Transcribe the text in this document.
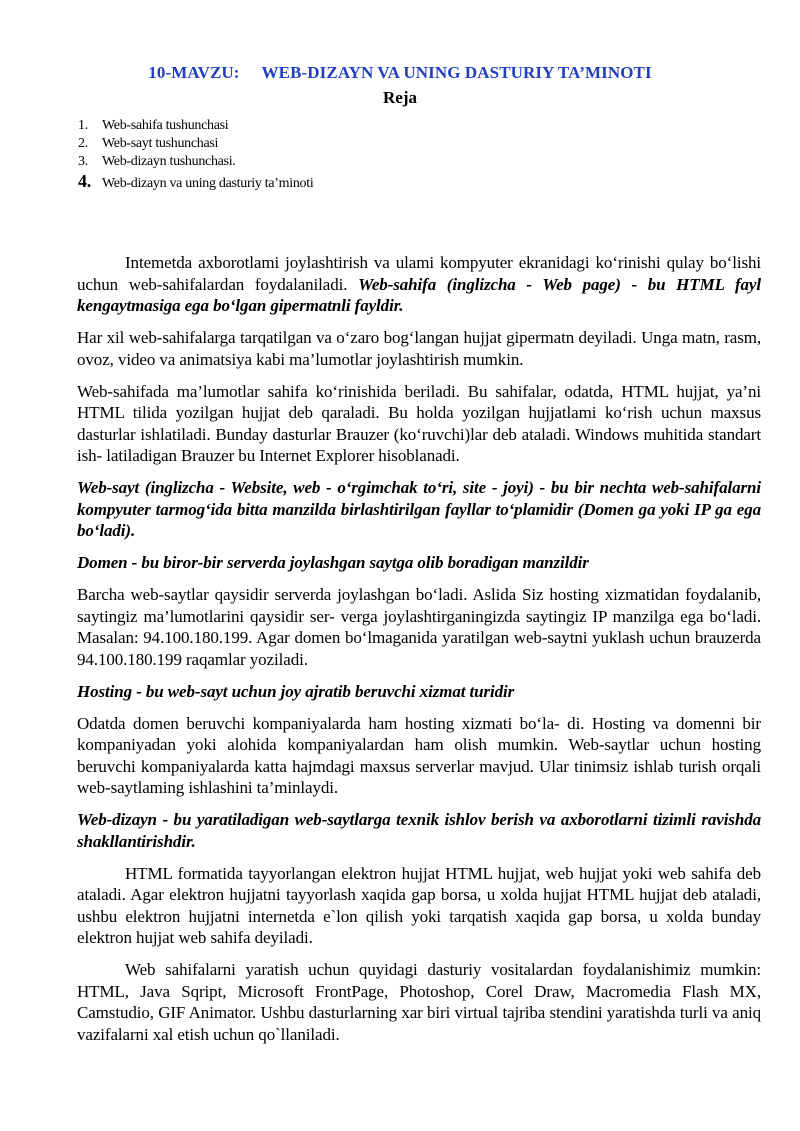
10-MAVZU: WEB-DIZAYN VA UNING DASTURIY TA’MINOTI
Reja
1. Web-sahifa tushunchasi
2. Web-sayt tushunchasi
3. Web-dizayn tushunchasi.
4. Web-dizayn va uning dasturiy ta’minoti

Intemetda axborotlami joylashtirish va ulami kompyuter ekranidagi ko‘rinishi qulay bo‘lishi uchun web-sahifalardan foydalaniladi. Web-sahifa (inglizcha - Web page) - bu HTML fayl kengaytmasiga ega bo‘lgan gipermatnli fayldir.

Har xil web-sahifalarga tarqatilgan va o‘zaro bog‘langan hujjat gipermatn deyiladi. Unga matn, rasm, ovoz, video va animatsiya kabi ma’lumotlar joylashtirish mumkin.

Web-sahifada ma’lumotlar sahifa ko‘rinishida beriladi. Bu sahifalar, odatda, HTML hujjat, ya’ni HTML tilida yozilgan hujjat deb qaraladi. Bu holda yozilgan hujjatlami ko‘rish uchun maxsus dasturlar ishlatiladi. Bunday dasturlar Brauzer (ko‘ruvchi)lar deb ataladi. Windows muhitida standart ish- latiladigan Brauzer bu Internet Explorer hisoblanadi.

Web-sayt (inglizcha - Website, web - o‘rgimchak to‘ri, site - joyi) - bu bir nechta web-sahifalarni kompyuter tarmog‘ida bitta manzilda birlashtirilgan fayllar to‘plamidir (Domen ga yoki IP ga ega bo‘ladi).

Domen - bu biror-bir serverda joylashgan saytga olib boradigan manzildir

Barcha web-saytlar qaysidir serverda joylashgan bo‘ladi. Aslida Siz hosting xizmatidan foydalanib, saytingiz ma’lumotlarini qaysidir ser- verga joylashtirganingizda saytingiz IP manzilga ega bo‘ladi. Masalan: 94.100.180.199. Agar domen bo‘lmaganida yaratilgan web-saytni yuklash uchun brauzerda 94.100.180.199 raqamlar yoziladi.

Hosting - bu web-sayt uchun joy ajratib beruvchi xizmat turidir

Odatda domen beruvchi kompaniyalarda ham hosting xizmati bo‘la- di. Hosting va domenni bir kompaniyadan yoki alohida kompaniyalardan ham olish mumkin. Web-saytlar uchun hosting beruvchi kompaniyalarda katta hajmdagi maxsus serverlar mavjud. Ular tinimsiz ishlab turish orqali web-saytlaming ishlashini ta’minlaydi.

Web-dizayn - bu yaratiladigan web-saytlarga texnik ishlov berish va axborotlarni tizimli ravishda shakllantirishdir.

HTML formatida tayyorlangan elektron hujjat HTML hujjat, web hujjat yoki web sahifa deb ataladi. Agar elektron hujjatni tayyorlash xaqida gap borsa, u xolda hujjat HTML hujjat deb ataladi, ushbu elektron hujjatni internetda e`lon qilish yoki tarqatish xaqida gap borsa, u xolda bunday elektron hujjat web sahifa deyiladi.

Web sahifalarni yaratish uchun quyidagi dasturiy vositalardan foydalanishimiz mumkin: HTML, Java Sqript, Microsoft FrontPage, Photoshop, Corel Draw, Macromedia Flash MX, Camstudio, GIF Animator. Ushbu dasturlarning xar biri virtual tajriba stendini yaratishda turli va aniq vazifalarni xal etish uchun qo`llaniladi.
